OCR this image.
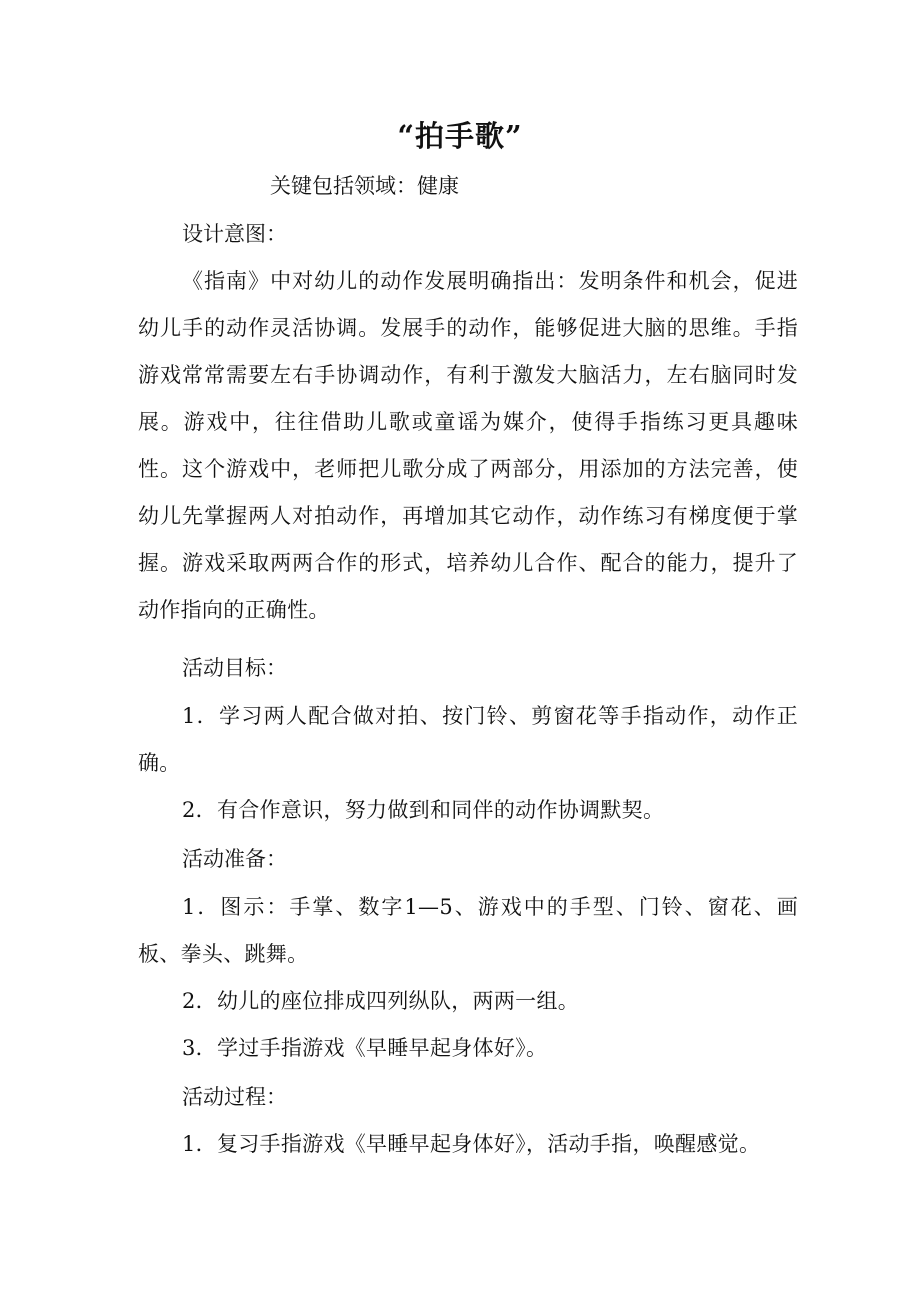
“拍手歌”
关键包括领域：健康
设计意图：
《指南》中对幼儿的动作发展明确指出：发明条件和机会，促进幼儿手的动作灵活协调。发展手的动作，能够促进大脑的思维。手指游戏常常需要左右手协调动作，有利于激发大脑活力，左右脑同时发展。游戏中，往往借助儿歌或童谣为媒介，使得手指练习更具趣味性。这个游戏中，老师把儿歌分成了两部分，用添加的方法完善，使幼儿先掌握两人对拍动作，再增加其它动作，动作练习有梯度便于掌握。游戏采取两两合作的形式，培养幼儿合作、配合的能力，提升了动作指向的正确性。
活动目标：
1．学习两人配合做对拍、按门铃、剪窗花等手指动作，动作正确。
2．有合作意识，努力做到和同伴的动作协调默契。
活动准备：
1．图示：手掌、数字1—5、游戏中的手型、门铃、窗花、画板、拳头、跳舞。
2．幼儿的座位排成四列纵队，两两一组。
3．学过手指游戏《早睡早起身体好》。
活动过程：
1．复习手指游戏《早睡早起身体好》，活动手指，唤醒感觉。
